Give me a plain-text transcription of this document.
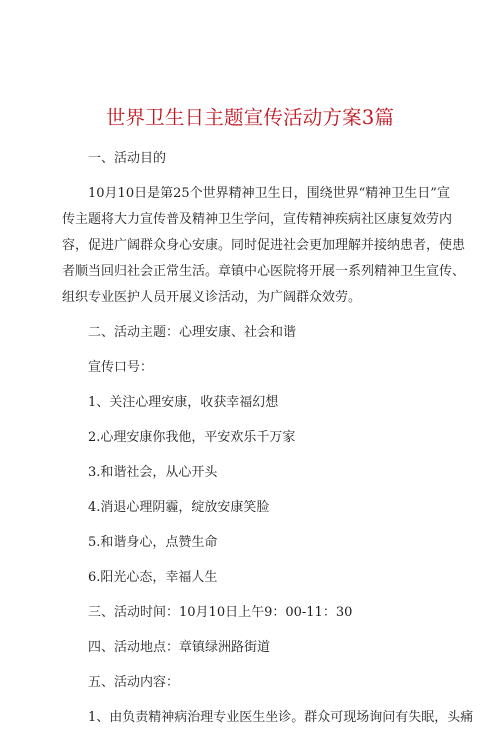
世界卫生日主题宣传活动方案3篇

一、活动目的

10月10日是第25个世界精神卫生日，围绕世界“精神卫生日”宣

传主题将大力宣传普及精神卫生学问，宣传精神疾病社区康复效劳内

容，促进广阔群众身心安康。同时促进社会更加理解并接纳患者，使患

者顺当回归社会正常生活。章镇中心医院将开展一系列精神卫生宣传、

组织专业医护人员开展义诊活动，为广阔群众效劳。

二、活动主题：心理安康、社会和谐

宣传口号：

1、关注心理安康，收获幸福幻想

2.心理安康你我他，平安欢乐千万家

3.和谐社会，从心开头

4.消退心理阴霾，绽放安康笑脸

5.和谐身心，点赞生命

6.阳光心态，幸福人生

三、活动时间：10月10日上午9：00-11：30

四、活动地点：章镇绿洲路街道

五、活动内容：

1、由负责精神病治理专业医生坐诊。群众可现场询问有失眠，头痛
